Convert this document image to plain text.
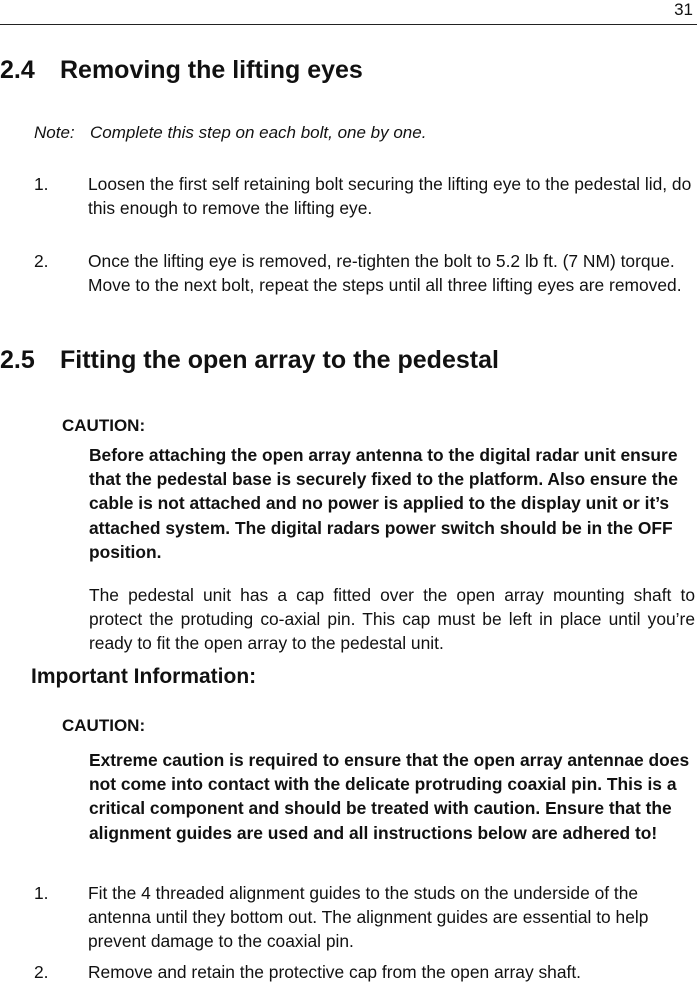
31
2.4 Removing the lifting eyes
Note: Complete this step on each bolt, one by one.
1. Loosen the first self retaining bolt securing the lifting eye to the pedestal lid, do this enough to remove the lifting eye.
2. Once the lifting eye is removed, re-tighten the bolt to 5.2 lb ft. (7 NM) torque. Move to the next bolt, repeat the steps until all three lifting eyes are removed.
2.5 Fitting the open array to the pedestal
CAUTION:
Before attaching the open array antenna to the digital radar unit ensure that the pedestal base is securely fixed to the platform. Also ensure the cable is not attached and no power is applied to the display unit or it’s attached system. The digital radars power switch should be in the OFF position.
The pedestal unit has a cap fitted over the open array mounting shaft to protect the protuding co-axial pin. This cap must be left in place until you’re ready to fit the open array to the pedestal unit.
Important Information:
CAUTION:
Extreme caution is required to ensure that the open array antennae does not come into contact with the delicate protruding coaxial pin. This is a critical component and should be treated with caution. Ensure that the alignment guides are used and all instructions below are adhered to!
1. Fit the 4 threaded alignment guides to the studs on the underside of the antenna until they bottom out. The alignment guides are essential to help prevent damage to the coaxial pin.
2. Remove and retain the protective cap from the open array shaft.
